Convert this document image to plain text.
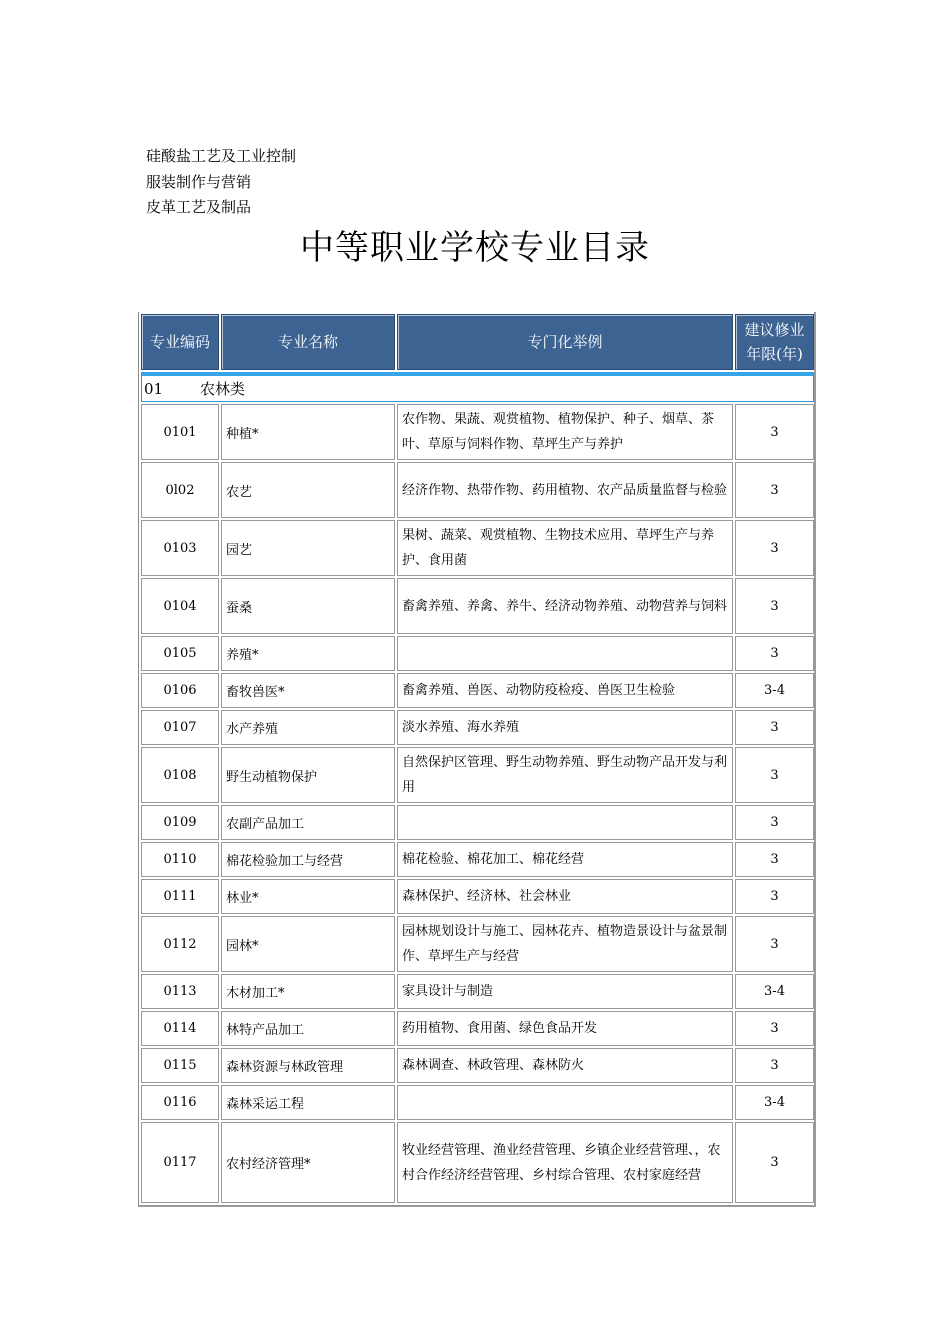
硅酸盐工艺及工业控制
服装制作与营销
皮革工艺及制品
中等职业学校专业目录
专业编码	专业名称	专门化举例	建议修业
年限(年)
01 农林类			
0101	种植*	农作物、果蔬、观赏植物、植物保护、种子、烟草、茶叶、草原与饲料作物、草坪生产与养护	3
0l02	农艺	经济作物、热带作物、药用植物、农产品质量监督与检验	3
0103	园艺	果树、蔬菜、观赏植物、生物技术应用、草坪生产与养护、食用菌	3
0104	蚕桑	畜禽养殖、养禽、养牛、经济动物养殖、动物营养与饲料	3
0105	养殖*		3
0106	畜牧兽医*	畜禽养殖、兽医、动物防疫检疫、兽医卫生检验	3-4
0107	水产养殖	淡水养殖、海水养殖	3
0108	野生动植物保护	自然保护区管理、野生动物养殖、野生动物产品开发与利用	3
0109	农副产品加工		3
0110	棉花检验加工与经营	棉花检验、棉花加工、棉花经营	3
0111	林业*	森林保护、经济林、社会林业	3
0112	园林*	园林规划设计与施工、园林花卉、植物造景设计与盆景制作、草坪生产与经营	3
0113	木材加工*	家具设计与制造	3-4
0114	林特产品加工	药用植物、食用菌、绿色食品开发	3
0115	森林资源与林政管理	森林调查、林政管理、森林防火	3
0116	森林采运工程		3-4
0117	农村经济管理*	牧业经营管理、渔业经营管理、乡镇企业经营管理、，农村合作经济经营管理、乡村综合管理、农村家庭经营	3
